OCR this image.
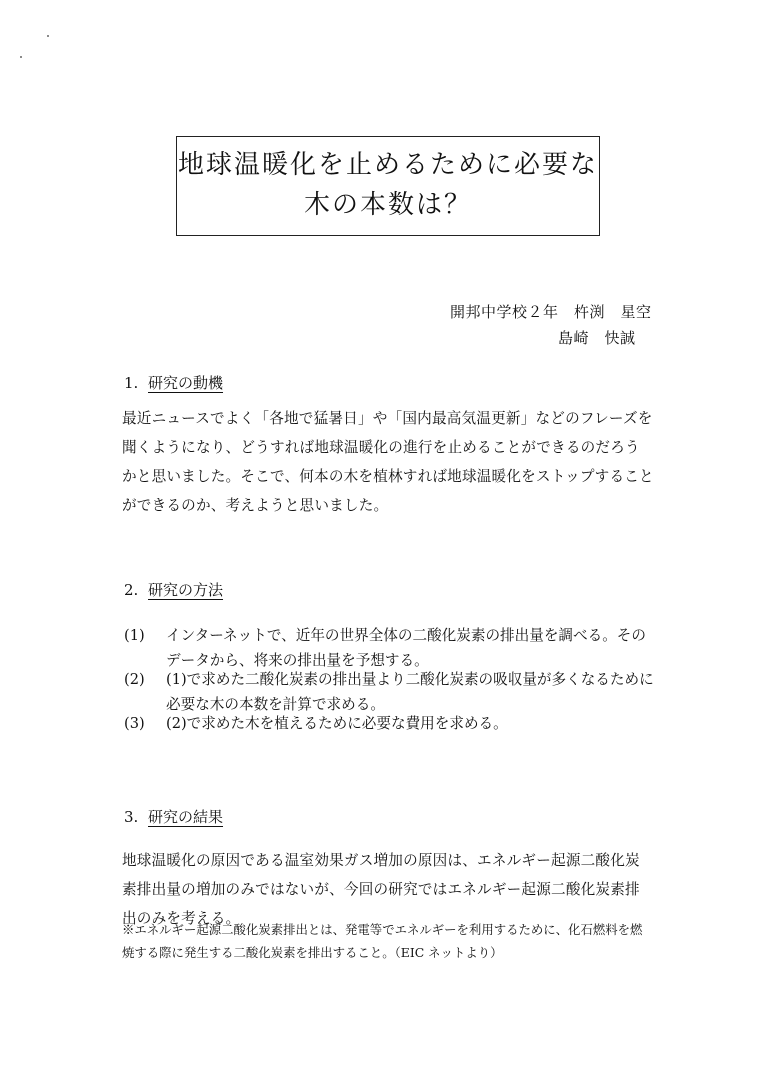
地球温暖化を止めるために必要な
木の本数は？
開邦中学校２年　杵渕　星空
島崎　快誠
1. 研究の動機
最近ニュースでよく「各地で猛暑日」や「国内最高気温更新」などのフレーズを聞くようになり、どうすれば地球温暖化の進行を止めることができるのだろうかと思いました。そこで、何本の木を植林すれば地球温暖化をストップすることができるのか、考えようと思いました。
2. 研究の方法
(1) インターネットで、近年の世界全体の二酸化炭素の排出量を調べる。そのデータから、将来の排出量を予想する。
(2) (1)で求めた二酸化炭素の排出量より二酸化炭素の吸収量が多くなるために必要な木の本数を計算で求める。
(3) (2)で求めた木を植えるために必要な費用を求める。
3. 研究の結果
地球温暖化の原因である温室効果ガス増加の原因は、エネルギー起源二酸化炭素排出量の増加のみではないが、今回の研究ではエネルギー起源二酸化炭素排出のみを考える。
※エネルギー起源二酸化炭素排出とは、発電等でエネルギーを利用するために、化石燃料を燃焼する際に発生する二酸化炭素を排出すること。（EIC ネットより）
